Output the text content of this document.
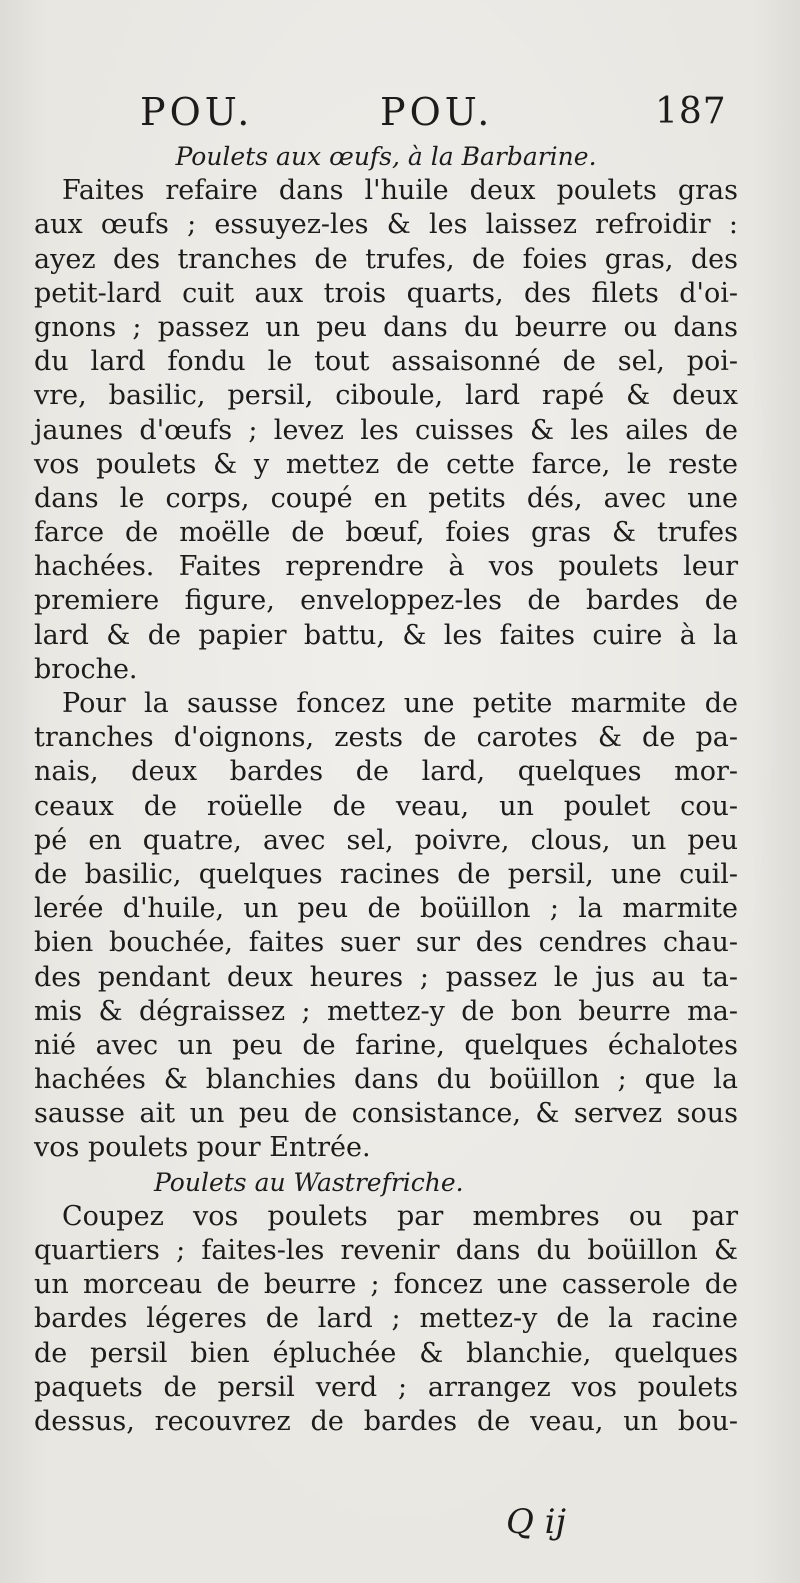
POU.	POU.	187

Poulets aux œufs, à la Barbarine.

Faites refaire dans l'huile deux poulets gras
aux œufs ; essuyez-les & les laissez refroidir :
ayez des tranches de trufes, de foies gras, des
petit-lard cuit aux trois quarts, des filets d'oi-
gnons ; passez un peu dans du beurre ou dans
du lard fondu le tout assaisonné de sel, poi-
vre, basilic, persil, ciboule, lard rapé & deux
jaunes d'œufs ; levez les cuisses & les ailes de
vos poulets & y mettez de cette farce, le reste
dans le corps, coupé en petits dés, avec une
farce de moëlle de bœuf, foies gras & trufes
hachées. Faites reprendre à vos poulets leur
premiere figure, enveloppez-les de bardes de
lard & de papier battu, & les faites cuire à la
broche.
Pour la sausse foncez une petite marmite de
tranches d'oignons, zests de carotes & de pa-
nais, deux bardes de lard, quelques mor-
ceaux de roüelle de veau, un poulet cou-
pé en quatre, avec sel, poivre, clous, un peu
de basilic, quelques racines de persil, une cuil-
lerée d'huile, un peu de boüillon ; la marmite
bien bouchée, faites suer sur des cendres chau-
des pendant deux heures ; passez le jus au ta-
mis & dégraissez ; mettez-y de bon beurre ma-
nié avec un peu de farine, quelques échalotes
hachées & blanchies dans du boüillon ; que la
sausse ait un peu de consistance, & servez sous
vos poulets pour Entrée.

Poulets au Wastrefriche.

Coupez vos poulets par membres ou par
quartiers ; faites-les revenir dans du boüillon &
un morceau de beurre ; foncez une casserole de
bardes légeres de lard ; mettez-y de la racine
de persil bien épluchée & blanchie, quelques
paquets de persil verd ; arrangez vos poulets
dessus, recouvrez de bardes de veau, un bou-
Q ij
